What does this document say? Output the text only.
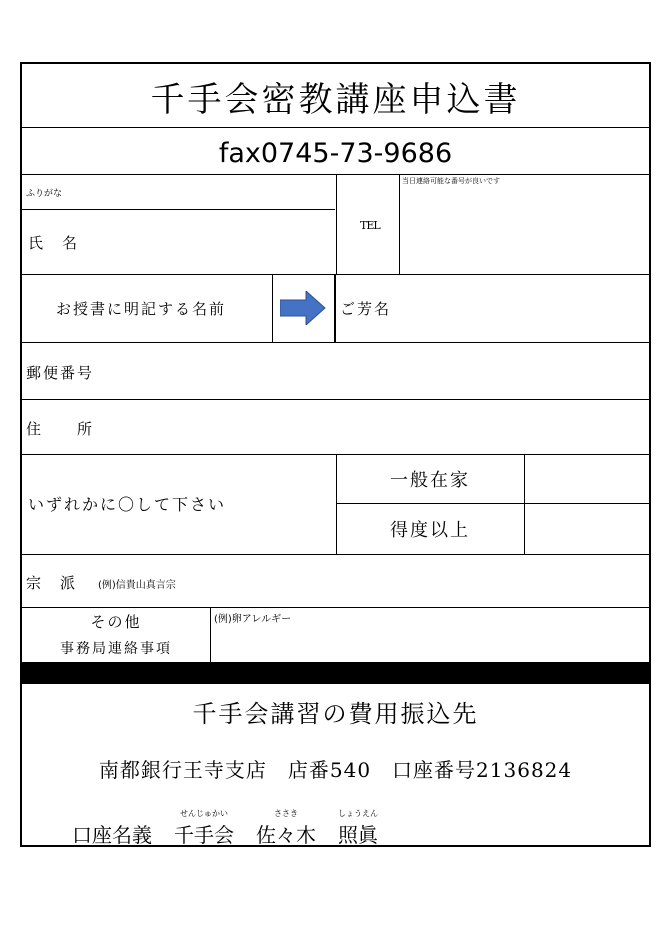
千手会密教講座申込書
fax0745-73-9686
ふりがな
氏　名
TEL
当日連絡可能な番号が良いです
お授書に明記する名前	ご芳名
郵便番号
住　　所
いずれかに〇して下さい
一般在家
得度以上
宗　派 (例)信貴山真言宗
その他
事務局連絡事項
(例)卵アレルギー
千手会講習の費用振込先
南都銀行王寺支店　店番540　口座番号2136824
口座名義
せんじゅかい
千手会
ささき
佐々木
しょうえん
照眞
